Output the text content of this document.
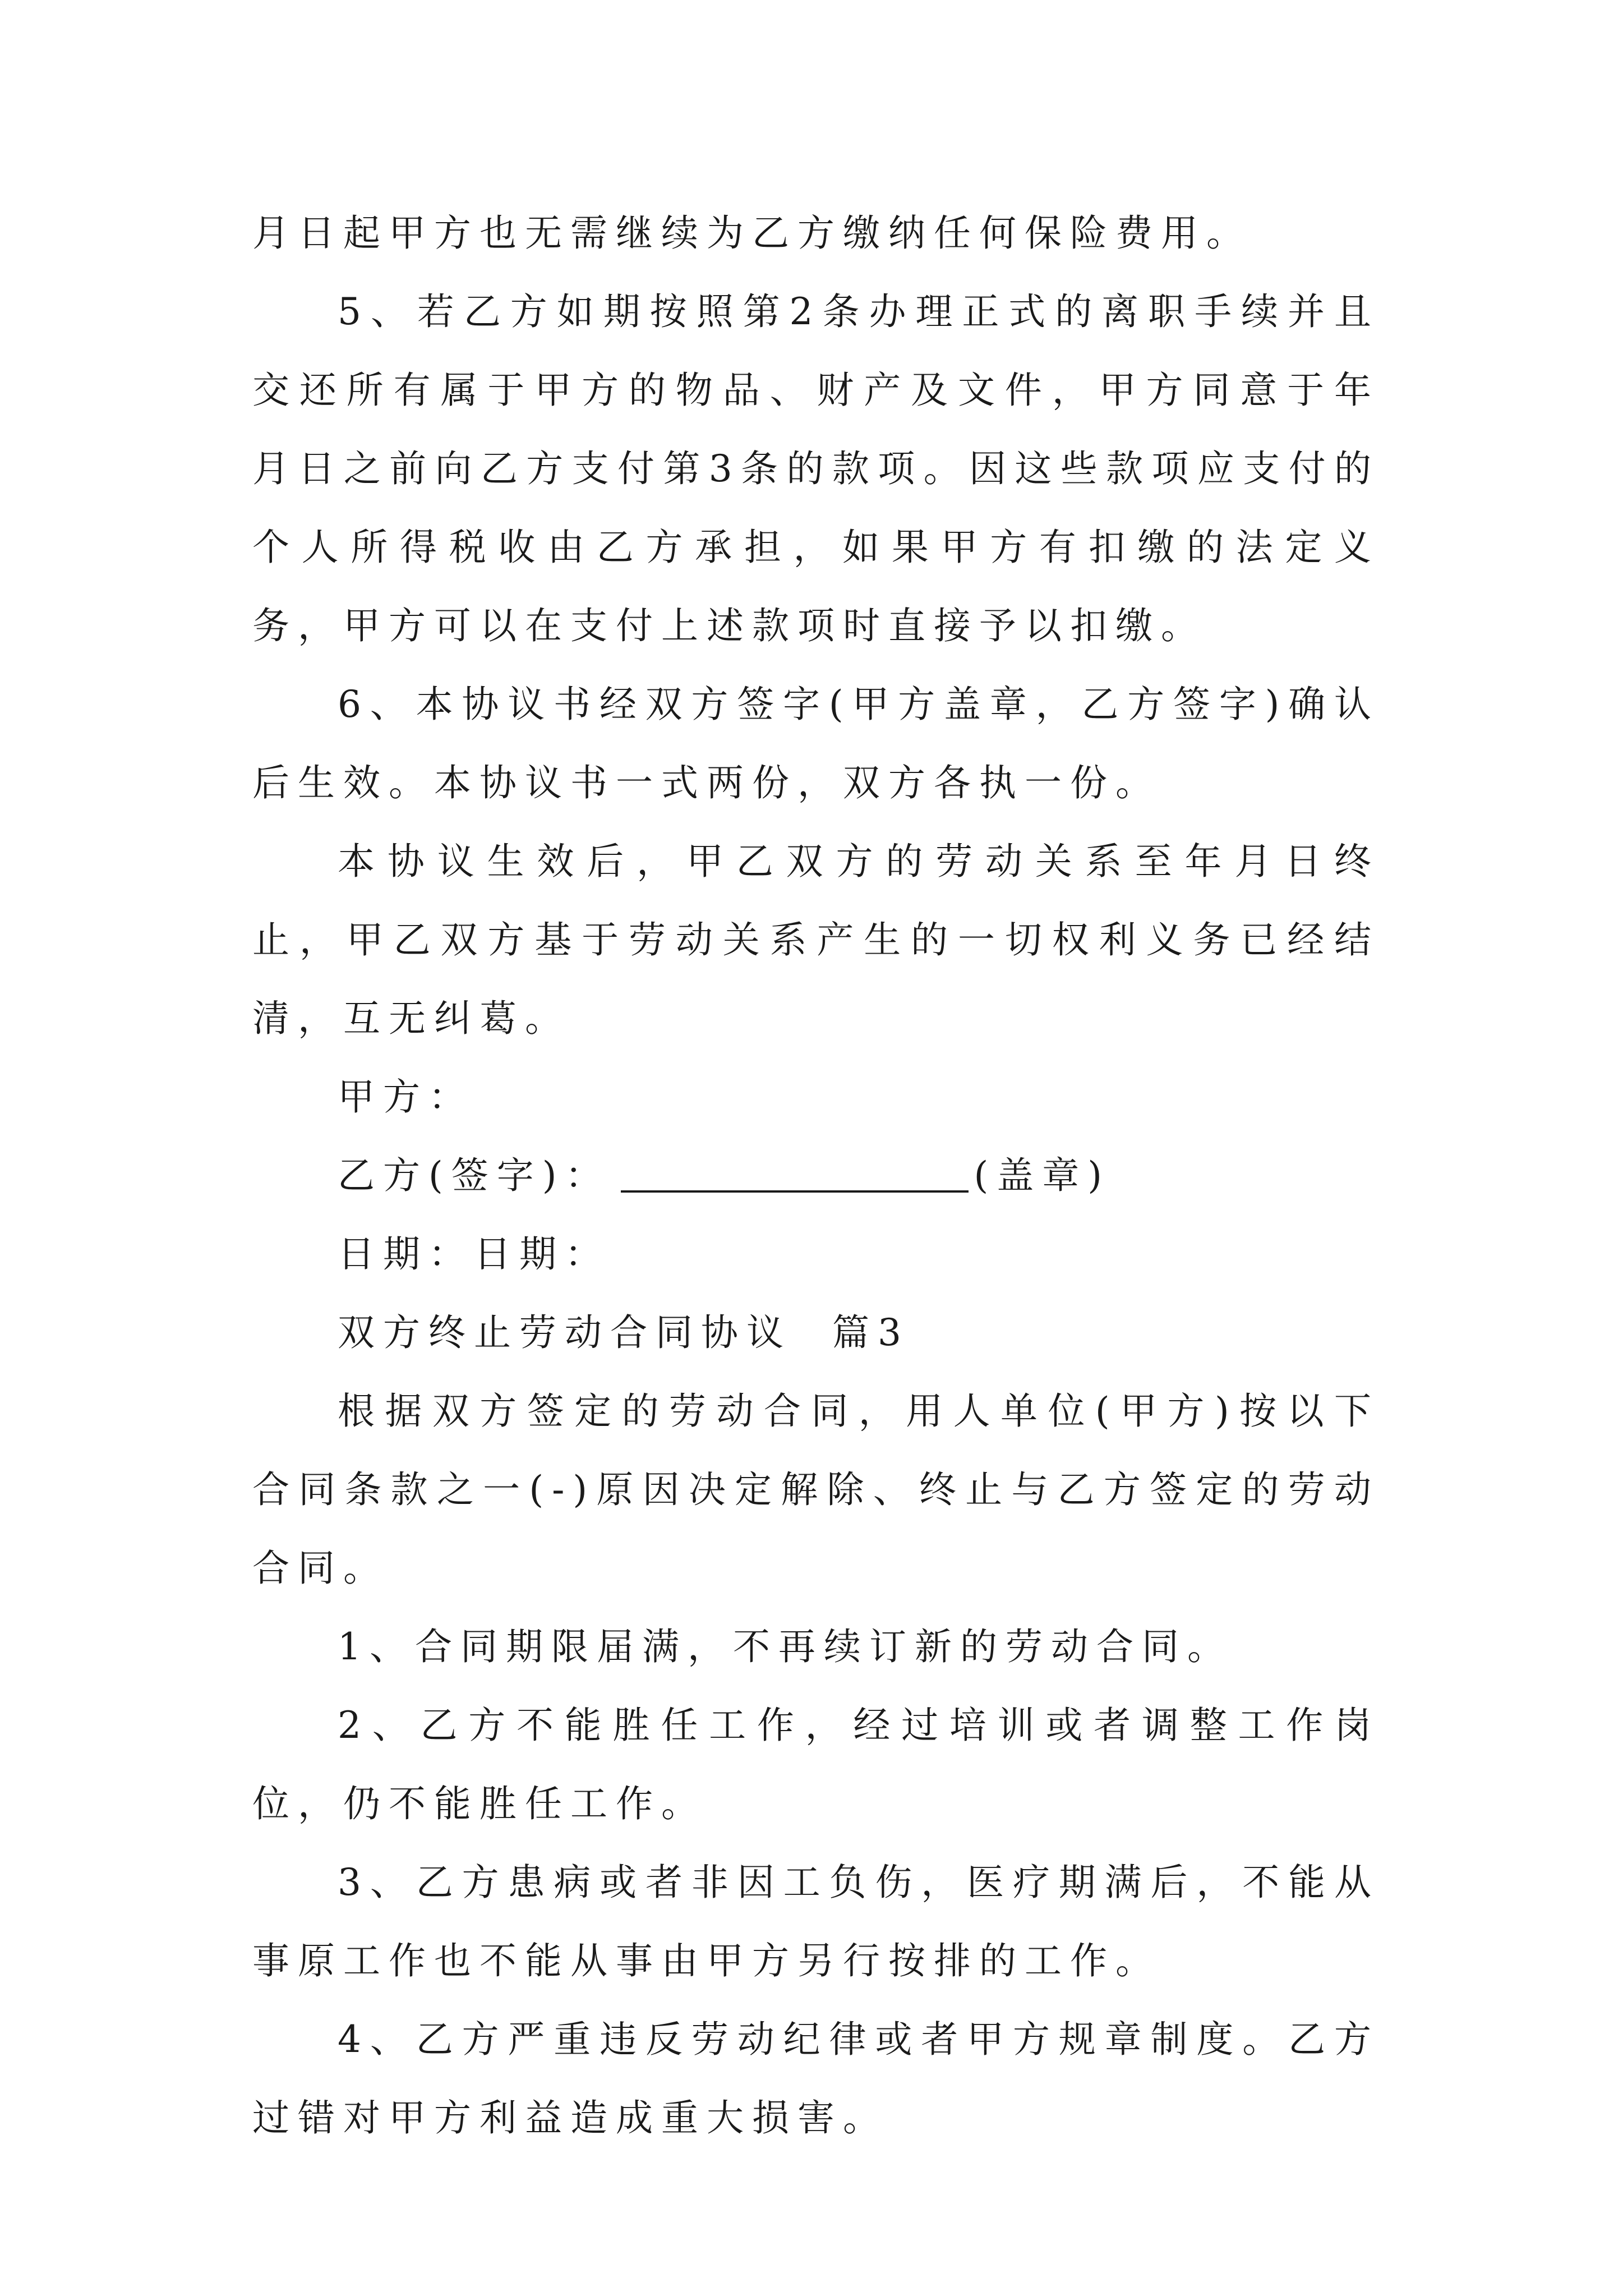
月日起甲方也无需继续为乙方缴纳任何保险费用。

5、若乙方如期按照第2条办理正式的离职手续并且交还所有属于甲方的物品、财产及文件，甲方同意于年月日之前向乙方支付第3条的款项。因这些款项应支付的个人所得税收由乙方承担，如果甲方有扣缴的法定义务，甲方可以在支付上述款项时直接予以扣缴。

6、本协议书经双方签字(甲方盖章，乙方签字)确认后生效。本协议书一式两份，双方各执一份。

本协议生效后，甲乙双方的劳动关系至年月日终止，甲乙双方基于劳动关系产生的一切权利义务已经结清，互无纠葛。

甲方：

乙方(签字)：	(盖章)

日期：日期：

双方终止劳动合同协议  篇3

根据双方签定的劳动合同，用人单位(甲方)按以下合同条款之一(-)原因决定解除、终止与乙方签定的劳动合同。

1、合同期限届满，不再续订新的劳动合同。

2、乙方不能胜任工作，经过培训或者调整工作岗位，仍不能胜任工作。

3、乙方患病或者非因工负伤，医疗期满后，不能从事原工作也不能从事由甲方另行按排的工作。

4、乙方严重违反劳动纪律或者甲方规章制度。乙方过错对甲方利益造成重大损害。
